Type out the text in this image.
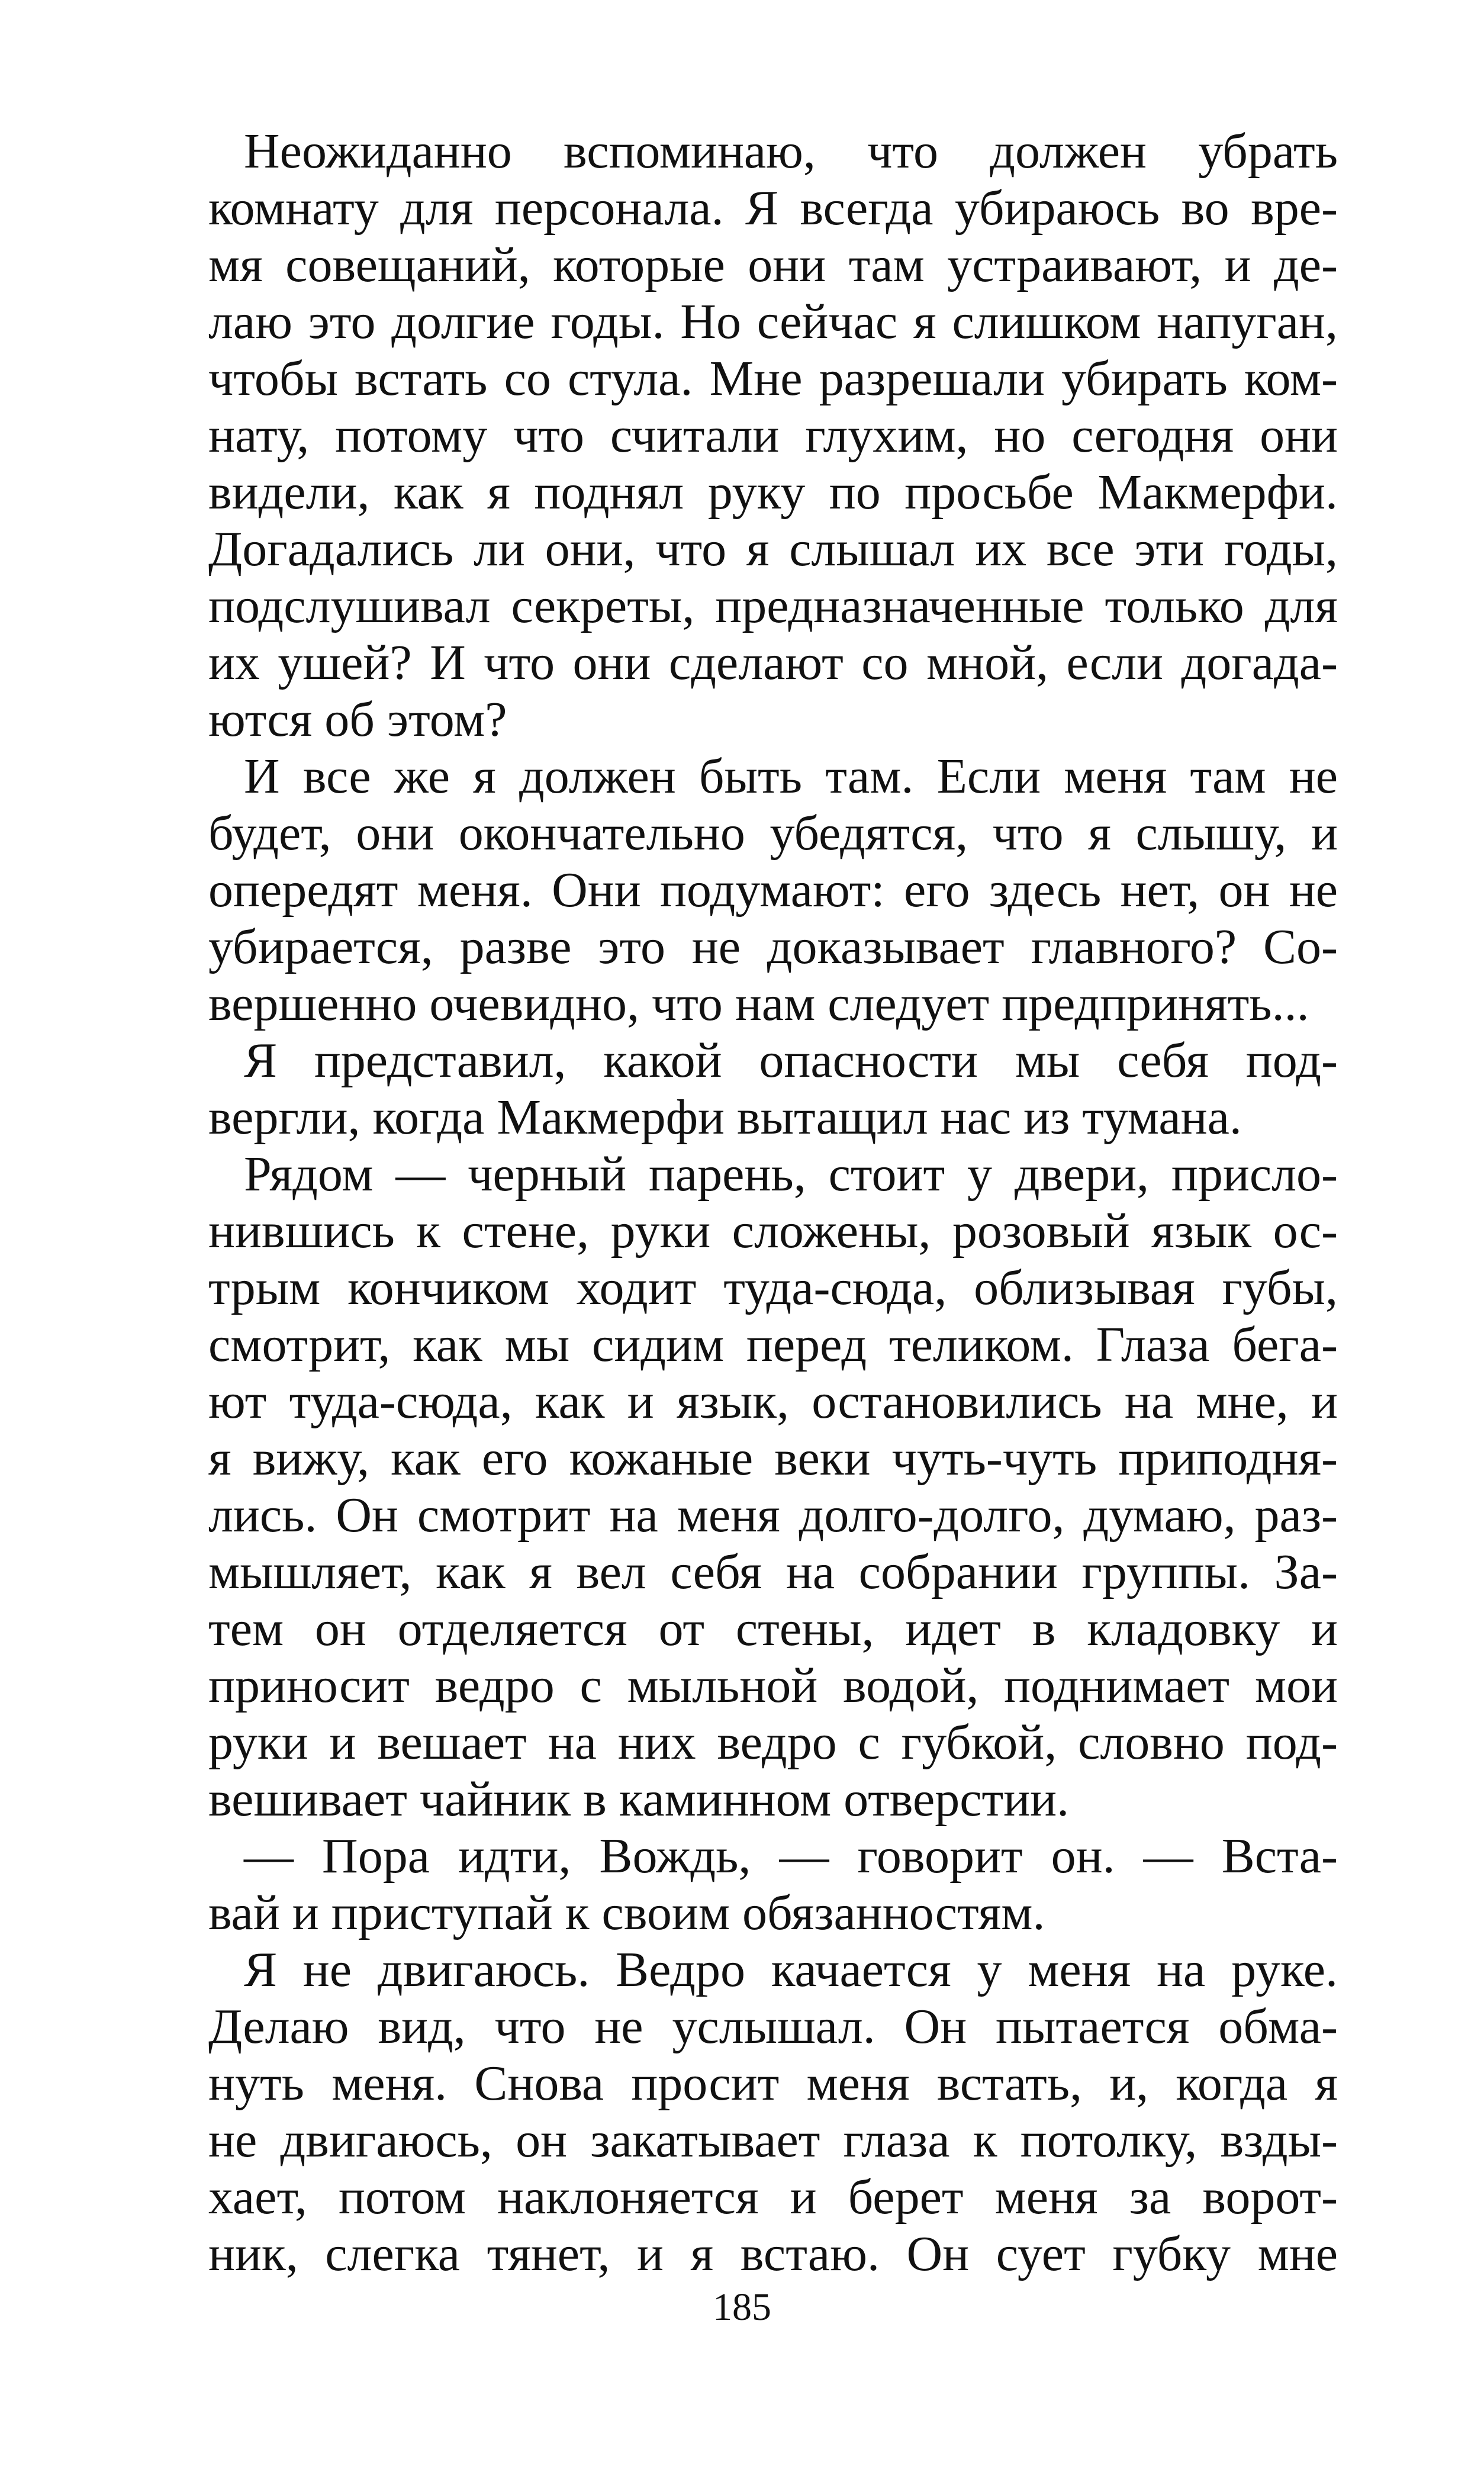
Неожиданно вспоминаю, что должен убрать
комнату для персонала. Я всегда убираюсь во вре-
мя совещаний, которые они там устраивают, и де-
лаю это долгие годы. Но сейчас я слишком напуган,
чтобы встать со стула. Мне разрешали убирать ком-
нату, потому что считали глухим, но сегодня они
видели, как я поднял руку по просьбе Макмерфи.
Догадались ли они, что я слышал их все эти годы,
подслушивал секреты, предназначенные только для
их ушей? И что они сделают со мной, если догада-
ются об этом?
И все же я должен быть там. Если меня там не
будет, они окончательно убедятся, что я слышу, и
опередят меня. Они подумают: его здесь нет, он не
убирается, разве это не доказывает главного? Со-
вершенно очевидно, что нам следует предпринять...
Я представил, какой опасности мы себя под-
вергли, когда Макмерфи вытащил нас из тумана.
Рядом — черный парень, стоит у двери, присло-
нившись к стене, руки сложены, розовый язык ос-
трым кончиком ходит туда-сюда, облизывая губы,
смотрит, как мы сидим перед теликом. Глаза бега-
ют туда-сюда, как и язык, остановились на мне, и
я вижу, как его кожаные веки чуть-чуть приподня-
лись. Он смотрит на меня долго-долго, думаю, раз-
мышляет, как я вел себя на собрании группы. За-
тем он отделяется от стены, идет в кладовку и
приносит ведро с мыльной водой, поднимает мои
руки и вешает на них ведро с губкой, словно под-
вешивает чайник в каминном отверстии.
— Пора идти, Вождь, — говорит он. — Вста-
вай и приступай к своим обязанностям.
Я не двигаюсь. Ведро качается у меня на руке.
Делаю вид, что не услышал. Он пытается обма-
нуть меня. Снова просит меня встать, и, когда я
не двигаюсь, он закатывает глаза к потолку, взды-
хает, потом наклоняется и берет меня за ворот-
ник, слегка тянет, и я встаю. Он сует губку мне
185
